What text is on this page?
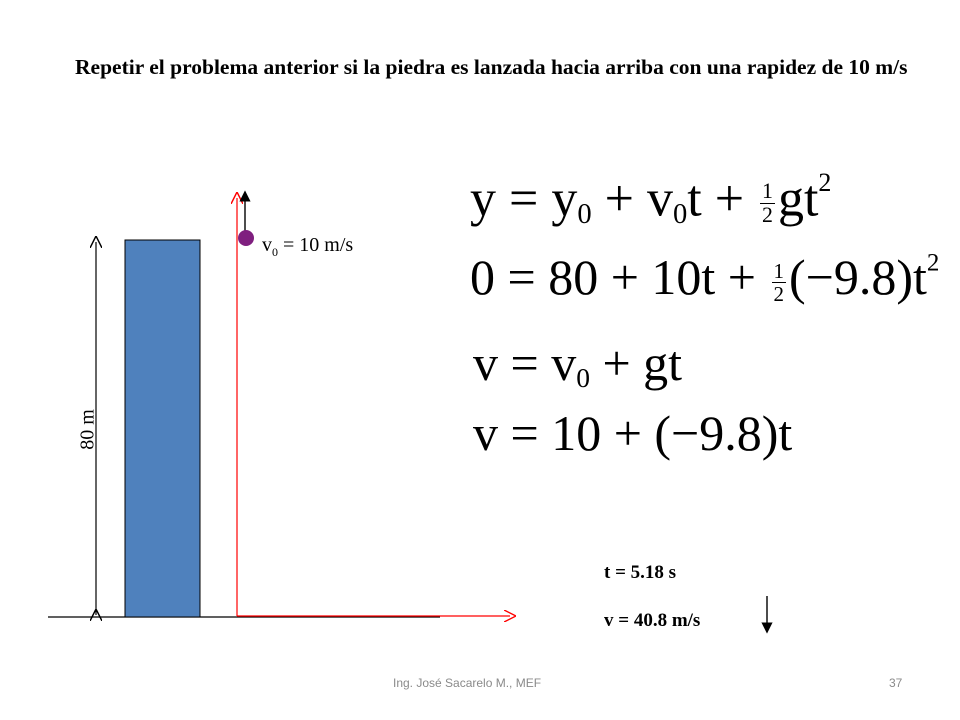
Repetir el problema anterior si la piedra es lanzada hacia arriba con una rapidez de 10 m/s
$v_0 = 10$ m/s
80 m
$y = y_0 + v_0t + \frac{1}{2} gt^2$
$0 = 80 + 10t + \frac{1}{2} (-9.8)t^2$
$v = v_0$ + gt
v = 10 + (−9.8)t
t = 5.18 s
v = 40.8 m/s
Ing. José Sacarelo M., MEF	37
